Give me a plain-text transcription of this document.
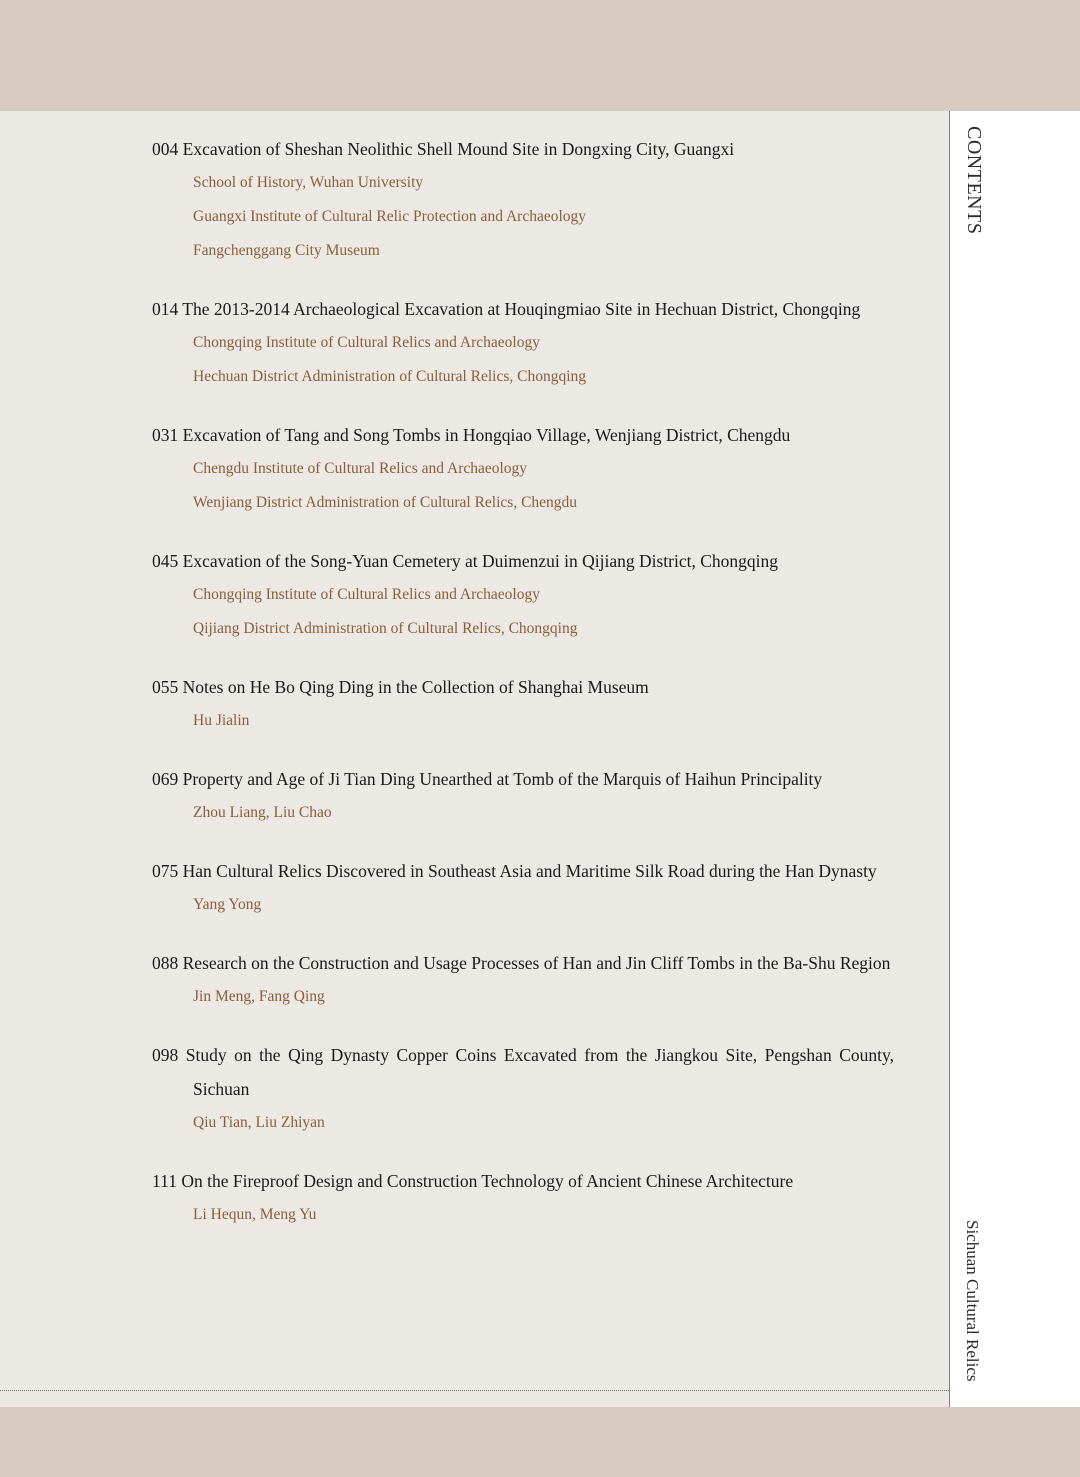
CONTENTS
Sichuan Cultural Relics
004 Excavation of Sheshan Neolithic Shell Mound Site in Dongxing City, Guangxi
School of History, Wuhan University
Guangxi Institute of Cultural Relic Protection and Archaeology
Fangchenggang City Museum
014 The 2013-2014 Archaeological Excavation at Houqingmiao Site in Hechuan District, Chongqing
Chongqing Institute of Cultural Relics and Archaeology
Hechuan District Administration of Cultural Relics, Chongqing
031 Excavation of Tang and Song Tombs in Hongqiao Village, Wenjiang District, Chengdu
Chengdu Institute of Cultural Relics and Archaeology
Wenjiang District Administration of Cultural Relics, Chengdu
045 Excavation of the Song-Yuan Cemetery at Duimenzui in Qijiang District, Chongqing
Chongqing Institute of Cultural Relics and Archaeology
Qijiang District Administration of Cultural Relics, Chongqing
055 Notes on He Bo Qing Ding in the Collection of Shanghai Museum
Hu Jialin
069 Property and Age of Ji Tian Ding Unearthed at Tomb of the Marquis of Haihun Principality
Zhou Liang, Liu Chao
075 Han Cultural Relics Discovered in Southeast Asia and Maritime Silk Road during the Han Dynasty
Yang Yong
088 Research on the Construction and Usage Processes of Han and Jin Cliff Tombs in the Ba-Shu Region
Jin Meng, Fang Qing
098 Study on the Qing Dynasty Copper Coins Excavated from the Jiangkou Site, Pengshan County, Sichuan
Qiu Tian, Liu Zhiyan
111 On the Fireproof Design and Construction Technology of Ancient Chinese Architecture
Li Hequn, Meng Yu
